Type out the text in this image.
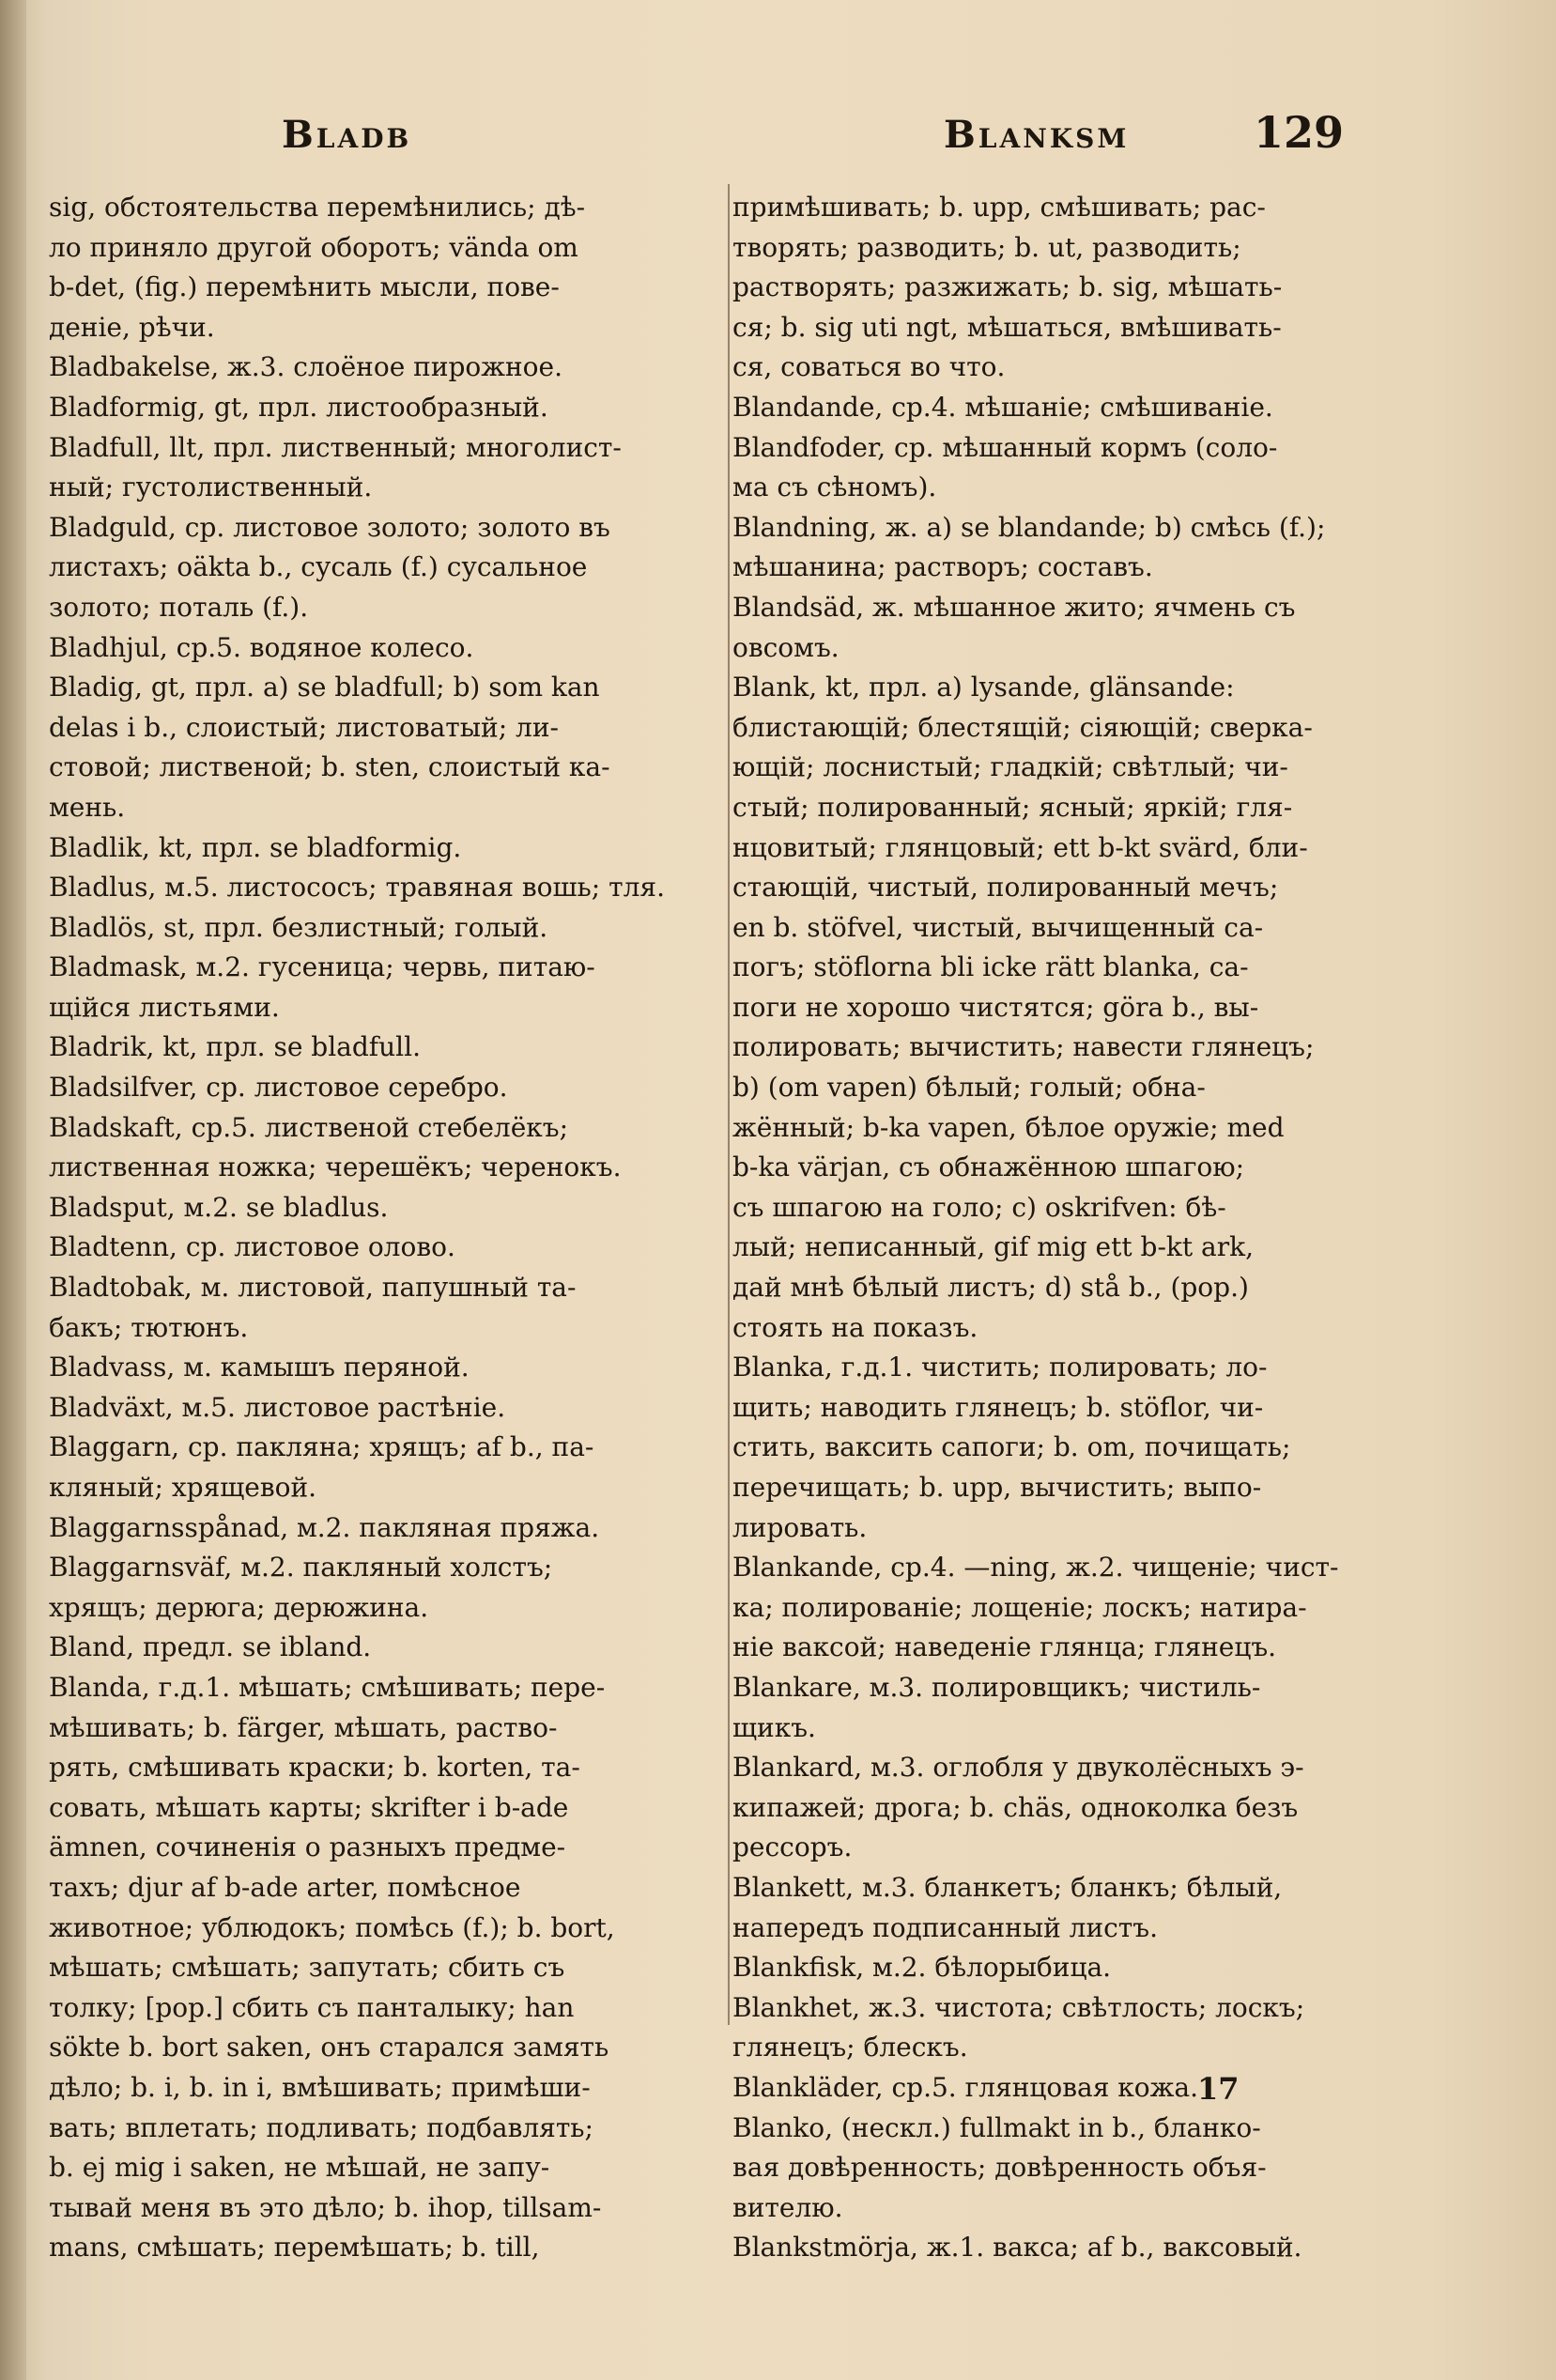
Bladb	Blanksm	129
sig, обстоятельства перемѣнились; дѣ-
ло приняло другой оборотъ; vända om
b-det, (fig.) перемѣнить мысли, пове-
деніе, рѣчи.
Bladbakelse, ж.3. слоёное пирожное.
Bladformig, gt, прл. листообразный.
Bladfull, llt, прл. лиственный; многолист-
ный; густолиственный.
Bladguld, ср. листовое золото; золото въ
листахъ; oäkta b., сусаль (f.) сусальное
золото; поталь (f.).
Bladhjul, ср.5. водяное колесо.
Bladig, gt, прл. a) se bladfull; b) som kan
delas i b., слоистый; листоватый; ли-
стовой; лиственой; b. sten, слоистый ка-
мень.
Bladlik, kt, прл. se bladformig.
Bladlus, м.5. листососъ; травяная вошь; тля.
Bladlös, st, прл. безлистный; голый.
Bladmask, м.2. гусеница; червь, питаю-
щійся листьями.
Bladrik, kt, прл. se bladfull.
Bladsilfver, ср. листовое серебро.
Bladskaft, ср.5. лиственой стебелёкъ;
лиственная ножка; черешёкъ; черенокъ.
Bladsput, м.2. se bladlus.
Bladtenn, ср. листовое олово.
Bladtobak, м. листовой, папушный та-
бакъ; тютюнъ.
Bladvass, м. камышъ перяной.
Bladväxt, м.5. листовое растѣніе.
Blaggarn, ср. пакляна; хрящъ; af b., па-
кляный; хрящевой.
Blaggarnsspånad, м.2. пакляная пряжа.
Blaggarnsväf, м.2. пакляный холстъ;
хрящъ; дерюга; дерюжина.
Bland, предл. se ibland.
Blanda, г.д.1. мѣшать; смѣшивать; пере-
мѣшивать; b. färger, мѣшать, раство-
рять, смѣшивать краски; b. korten, та-
совать, мѣшать карты; skrifter i b-ade
ämnen, сочиненія о разныхъ предме-
тахъ; djur af b-ade arter, помѣсное
животное; ублюдокъ; помѣсь (f.); b. bort,
мѣшать; смѣшать; запутать; сбить съ
толку; [рор.] сбить съ панталыку; han
sökte b. bort saken, онъ старался замять
дѣло; b. i, b. in i, вмѣшивать; примѣши-
вать; вплетать; подливать; подбавлять;
b. ej mig i saken, не мѣшай, не запу-
тывай меня въ это дѣло; b. ihop, tillsam-
mans, смѣшать; перемѣшать; b. till,
примѣшивать; b. upp, смѣшивать; рас-
творять; разводить; b. ut, разводить;
растворять; разжижать; b. sig, мѣшать-
ся; b. sig uti ngt, мѣшаться, вмѣшивать-
ся, соваться во что.
Blandande, ср.4. мѣшаніе; смѣшиваніе.
Blandfoder, ср. мѣшанный кормъ (соло-
ма съ сѣномъ).
Blandning, ж. a) se blandande; b) смѣсь (f.);
мѣшанина; растворъ; составъ.
Blandsäd, ж. мѣшанное жито; ячмень съ
овсомъ.
Blank, kt, прл. a) lysande, glänsande:
блистающій; блестящій; сіяющій; сверка-
ющій; лоснистый; гладкій; свѣтлый; чи-
стый; полированный; ясный; яркій; гля-
нцовитый; глянцовый; ett b-kt svärd, бли-
стающій, чистый, полированный мечъ;
en b. stöfvel, чистый, вычищенный са-
погъ; stöflorna bli icke rätt blanka, са-
поги не хорошо чистятся; göra b., вы-
полировать; вычистить; навести глянецъ;
b) (om vapen) бѣлый; голый; обна-
жённый; b-ka vapen, бѣлое оружіе; med
b-ka värjan, съ обнажённою шпагою;
съ шпагою на голо; c) oskrifven: бѣ-
лый; неписанный, gif mig ett b-kt ark,
дай мнѣ бѣлый листъ; d) stå b., (рор.)
стоять на показъ.
Blanka, г.д.1. чистить; полировать; ло-
щить; наводить глянецъ; b. stöflor, чи-
стить, ваксить сапоги; b. om, почищать;
перечищать; b. upp, вычистить; выпо-
лировать.
Blankande, ср.4. —ning, ж.2. чищеніе; чист-
ка; полированіе; лощеніе; лоскъ; натира-
ніе ваксой; наведеніе глянца; глянецъ.
Blankare, м.3. полировщикъ; чистиль-
щикъ.
Blankard, м.3. оглобля у двуколёсныхъ э-
кипажей; дрога; b. chäs, одноколка безъ
рессоръ.
Blankett, м.3. бланкетъ; бланкъ; бѣлый,
напередъ подписанный листъ.
Blankfisk, м.2. бѣлорыбица.
Blankhet, ж.3. чистота; свѣтлость; лоскъ;
глянецъ; блескъ.
Blankläder, ср.5. глянцовая кожа.
Blanko, (нескл.) fullmakt in b., бланко-
вая довѣренность; довѣренность объя-
вителю.
Blankstmörja, ж.1. вакса; af b., ваксовый.
17
